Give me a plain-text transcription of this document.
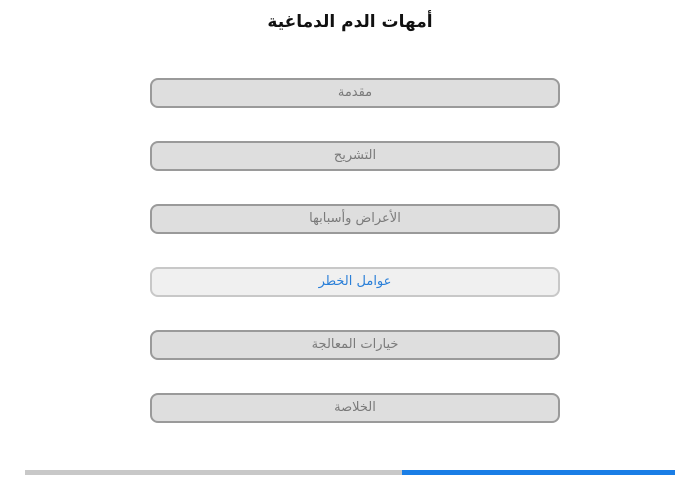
أمهات الدم الدماغية
مقدمة
التشريح
الأعراض وأسبابها
عوامل الخطر
خيارات المعالجة
الخلاصة
